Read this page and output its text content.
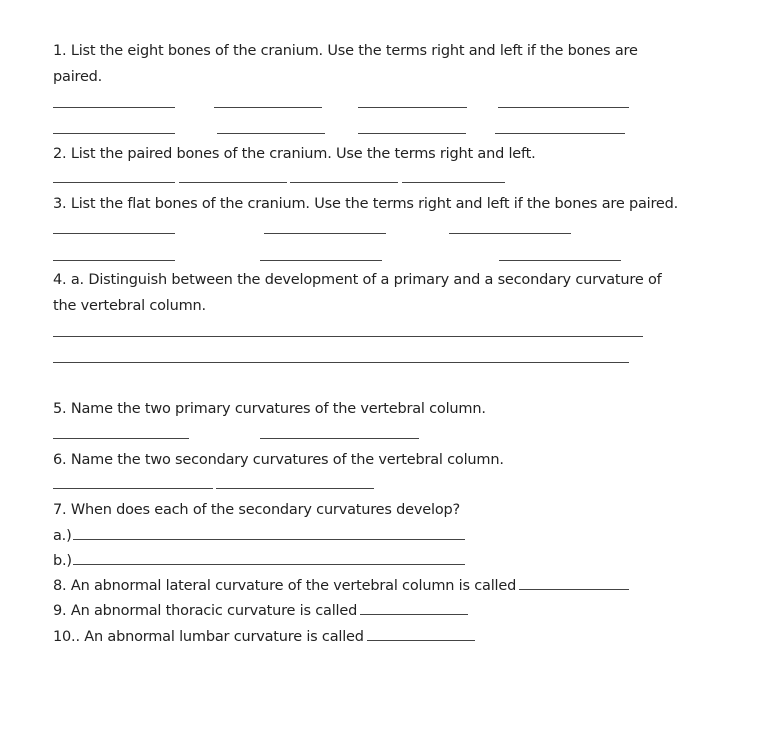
1. List the eight bones of the cranium. Use the terms right and left if the bones are
paired.
2. List the paired bones of the cranium. Use the terms right and left.
3. List the flat bones of the cranium. Use the terms right and left if the bones are paired.
4. a. Distinguish between the development of a primary and a secondary curvature of
the vertebral column.
5. Name the two primary curvatures of the vertebral column.
6. Name the two secondary curvatures of the vertebral column.
7. When does each of the secondary curvatures develop?
a.)
b.)
8. An abnormal lateral curvature of the vertebral column is called
9. An abnormal thoracic curvature is called
10.. An abnormal lumbar curvature is called
